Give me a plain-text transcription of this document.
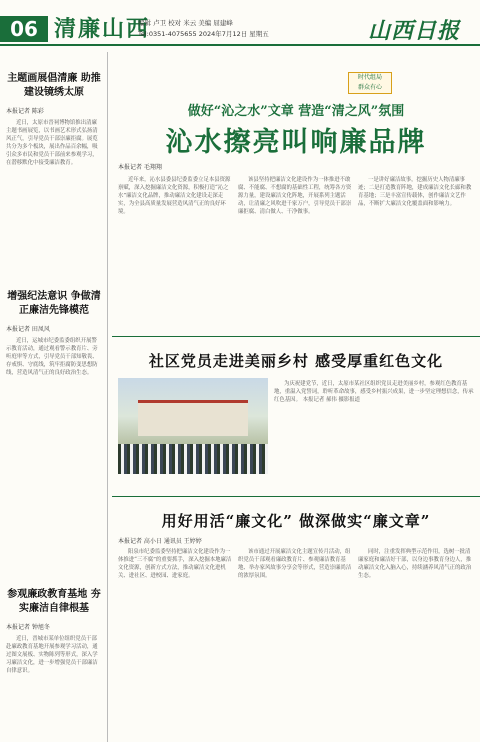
06 清廉山西
编辑 卢卫 校对 米云 美编 屈建峰
Tel:0351-4075655 2024年7月12日 星期五	山西日报
主题画展倡清廉 助推建设镜绣太原
本报记者 陈彩
近日，太原市晋祠博物馆推出清廉主题书画展览，以书画艺术形式弘扬清风正气，引导党员干部崇廉拒腐。展览共分为多个板块，展出作品百余幅，吸引众多市民和党员干部前来参观学习，在潜移默化中接受廉洁教育。
增强纪法意识 争做清正廉洁先锋模范
本报记者 田凤风
近日，运城市纪委监委组织开展警示教育活动，通过观看警示教育片、旁听庭审等方式，引导党员干部知敬畏、存戒惧、守底线，筑牢拒腐防变思想防线，营造风清气正的良好政治生态。
参观廉政教育基地 夯实廉洁自律根基
本报记者 钟旭冬
近日，晋城市某单位组织党员干部赴廉政教育基地开展参观学习活动，通过图文展板、实物陈列等形式，深入学习廉洁文化，进一步增强党员干部廉洁自律意识。
时代组局
群众有心
做好“沁之水”文章 营造“清之风”氛围
沁水擦亮叫响廉品牌
本报记者 毛翔翔
近年来，沁水县委县纪委监委立足本县资源禀赋，深入挖掘廉洁文化资源，积极打造“沁之水”廉洁文化品牌，推动廉洁文化建设走深走实，为全县高质量发展营造风清气正的良好环境。
该县坚持把廉洁文化建设作为一体推进不敢腐、不能腐、不想腐的基础性工程，统筹各方资源力量，建设廉洁文化阵地，开展系列主题活动，让清廉之风吹进千家万户，引导党员干部崇廉拒腐、清白做人、干净做事。
一是讲好廉洁故事，挖掘历史人物清廉事迹；二是打造教育阵地，建成廉洁文化长廊和教育基地；三是丰富宣传载体，创作廉洁文艺作品，不断扩大廉洁文化覆盖面和影响力。
社区党员走进美丽乡村 感受厚重红色文化
为庆祝建党节，近日，太原市某社区组织党员走进美丽乡村，参观红色教育基地，重温入党誓词，聆听革命故事，感受乡村振兴成果，进一步坚定理想信念，传承红色基因。 本报记者 郝伟 摄影报道
用好用活“廉文化” 做深做实“廉文章”
本报记者 高小日 通讯员 王婷婷
阳泉市纪委监委坚持把廉洁文化建设作为一体推进“三不腐”的重要抓手，深入挖掘本地廉洁文化资源，创新方式方法，推动廉洁文化进机关、进社区、进校园、进家庭。
该市通过开展廉洁文化主题宣传月活动，组织党员干部观看廉政教育片、参观廉洁教育基地、举办家风故事分享会等形式，营造崇廉尚洁的浓厚氛围。
同时，注重发挥典型示范作用，选树一批清廉家庭和廉洁好干部，以身边事教育身边人，推动廉洁文化入脑入心，持续涵养风清气正的政治生态。
